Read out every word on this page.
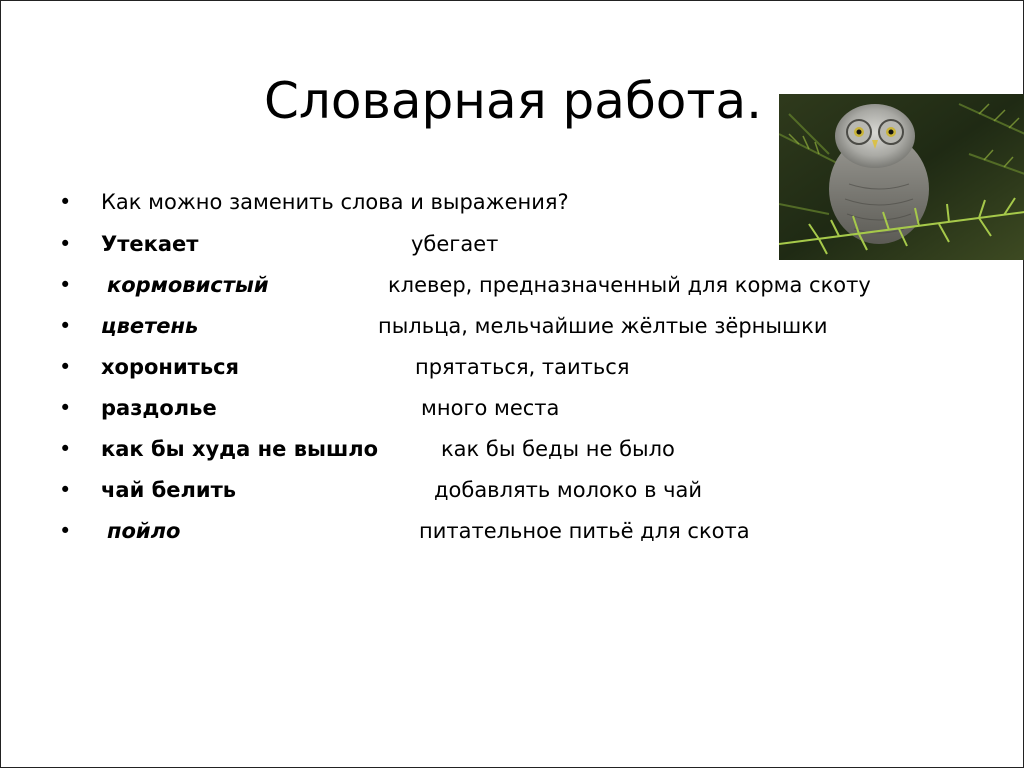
Словарная работа.
• Как можно заменить слова и выражения?
• Утекает	убегает
• кормовистый	клевер, предназначенный для корма скоту
• цветень	пыльца, мельчайшие жёлтые зёрнышки
• хорониться	прятаться, таиться
• раздолье	много места
• как бы худа не вышло	как бы беды не было
• чай белить	добавлять молоко в чай
• пойло	питательное питьё для скота
